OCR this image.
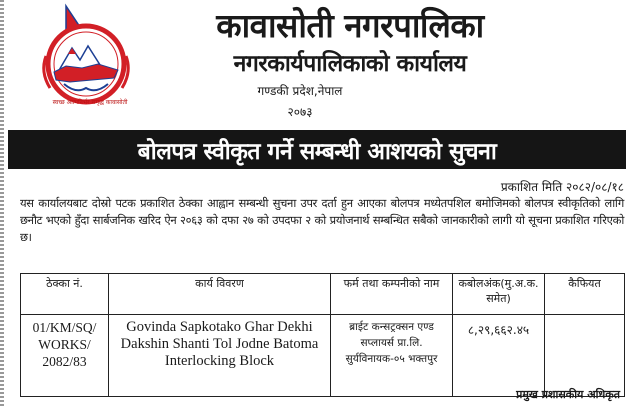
स्वच्छ आत्मनिर्भर समृद्ध कावासोती
कावासोती नगरपालिका
नगरकार्यपालिकाको कार्यालय
गण्डकी प्रदेश,नेपाल
२०७३
बोलपत्र स्वीकृत गर्ने सम्बन्धी आशयको सुचना
प्रकाशित मिति २०८२/०८/१८
यस कार्यालयबाट दोस्रो पटक प्रकाशित ठेक्का आह्वान सम्बन्धी सुचना उपर दर्ता हुन आएका बोलपत्र मध्येतपशिल बमोजिमको बोलपत्र स्वीकृतिको लागि छनौट भएको हुँदा सार्बजनिक खरिद ऐन २०६३ को दफा २७ को उपदफा २ को प्रयोजनार्थ सम्बन्धित सबैको जानकारीको लागी यो सूचना प्रकाशित गरिएको छ।
ठेक्का नं.	कार्य विवरण	फर्म तथा कम्पनीको नाम	कबोलअंक(मु.अ.क. समेत)	कैफियत
01/KM/SQ/ WORKS/ 2082/83	Govinda Sapkotako Ghar Dekhi Dakshin Shanti Tol Jodne Batoma Interlocking Block	ब्राईट कन्सट्रक्सन एण्ड सप्लायर्स प्रा.लि. सुर्यविनायक-०५ भक्तपुर	८,२९,६६२.४५	
प्रमुख प्रशासकीय अधिकृत
